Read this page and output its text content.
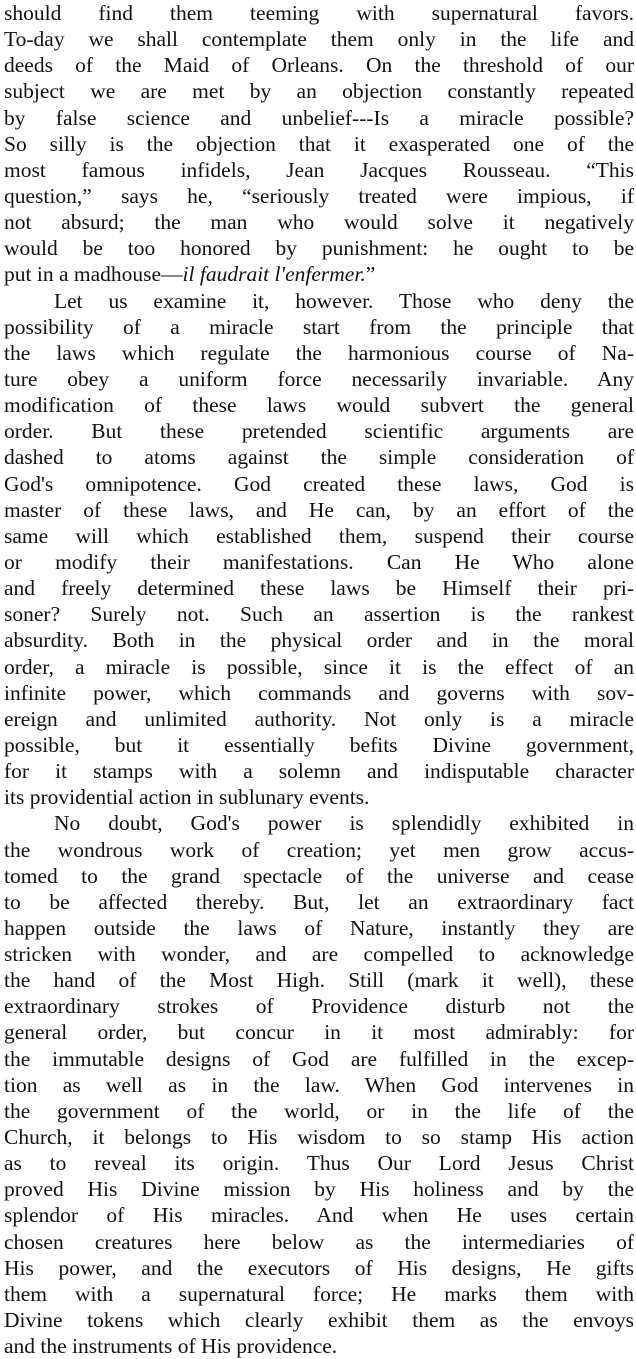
should find them teeming with supernatural favors.
To-day we shall contemplate them only in the life and
deeds of the Maid of Orleans. On the threshold of our
subject we are met by an objection constantly repeated
by false science and unbelief---Is a miracle possible?
So silly is the objection that it exasperated one of the
most famous infidels, Jean Jacques Rousseau. “This
question,” says he, “seriously treated were impious, if
not absurd; the man who would solve it negatively
would be too honored by punishment: he ought to be
put in a madhouse—il faudrait l'enfermer.”
Let us examine it, however. Those who deny the
possibility of a miracle start from the principle that
the laws which regulate the harmonious course of Na-
ture obey a uniform force necessarily invariable. Any
modification of these laws would subvert the general
order. But these pretended scientific arguments are
dashed to atoms against the simple consideration of
God's omnipotence. God created these laws, God is
master of these laws, and He can, by an effort of the
same will which established them, suspend their course
or modify their manifestations. Can He Who alone
and freely determined these laws be Himself their pri-
soner? Surely not. Such an assertion is the rankest
absurdity. Both in the physical order and in the moral
order, a miracle is possible, since it is the effect of an
infinite power, which commands and governs with sov-
ereign and unlimited authority. Not only is a miracle
possible, but it essentially befits Divine government,
for it stamps with a solemn and indisputable character
its providential action in sublunary events.
No doubt, God's power is splendidly exhibited in
the wondrous work of creation; yet men grow accus-
tomed to the grand spectacle of the universe and cease
to be affected thereby. But, let an extraordinary fact
happen outside the laws of Nature, instantly they are
stricken with wonder, and are compelled to acknowledge
the hand of the Most High. Still (mark it well), these
extraordinary strokes of Providence disturb not the
general order, but concur in it most admirably: for
the immutable designs of God are fulfilled in the excep-
tion as well as in the law. When God intervenes in
the government of the world, or in the life of the
Church, it belongs to His wisdom to so stamp His action
as to reveal its origin. Thus Our Lord Jesus Christ
proved His Divine mission by His holiness and by the
splendor of His miracles. And when He uses certain
chosen creatures here below as the intermediaries of
His power, and the executors of His designs, He gifts
them with a supernatural force; He marks them with
Divine tokens which clearly exhibit them as the envoys
and the instruments of His providence.
